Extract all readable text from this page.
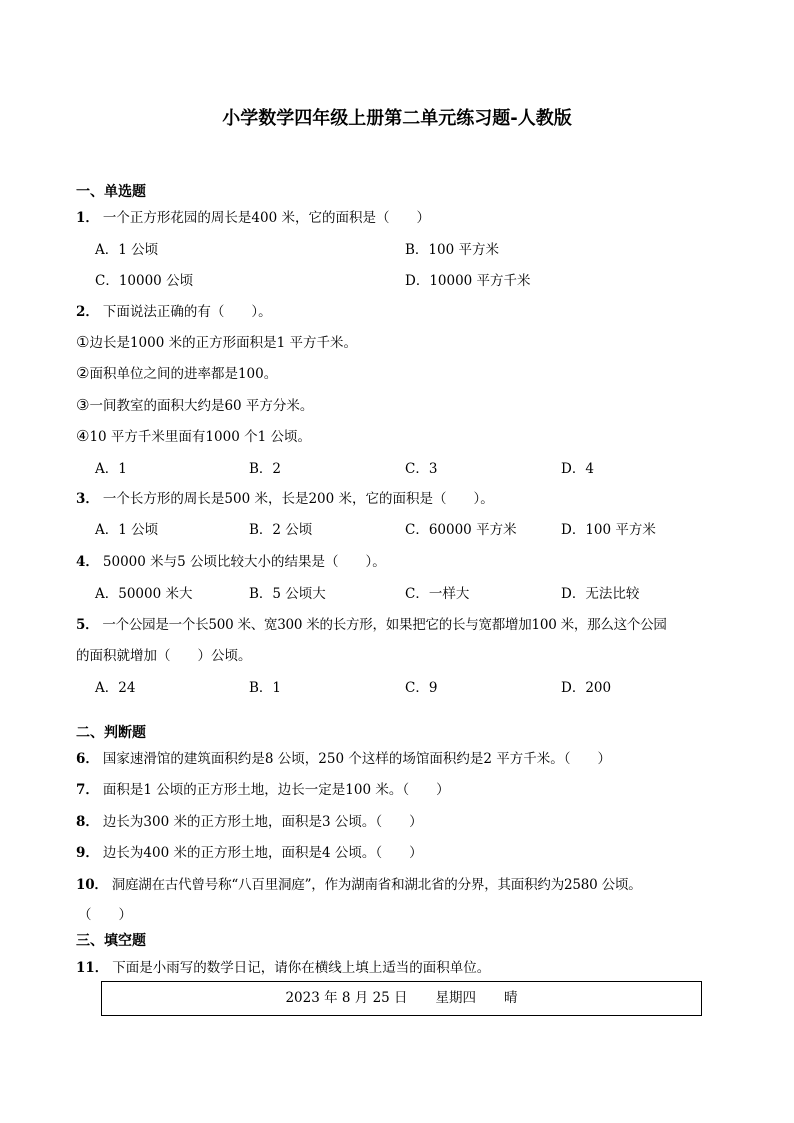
小学数学四年级上册第二单元练习题-人教版
一、单选题
1． 一个正方形花园的周长是400 米，它的面积是（　　）
A．1 公顷	B．100 平方米
C．10000 公顷	D．10000 平方千米
2． 下面说法正确的有（　　）。
①边长是1000 米的正方形面积是1 平方千米。
②面积单位之间的进率都是100。
③一间教室的面积大约是60 平方分米。
④10 平方千米里面有1000 个1 公顷。
A．1	B．2	C．3	D．4
3． 一个长方形的周长是500 米，长是200 米，它的面积是（　　）。
A．1 公顷	B．2 公顷	C．60000 平方米	D．100 平方米
4． 50000 米与5 公顷比较大小的结果是（　　）。
A．50000 米大	B．5 公顷大	C．一样大	D．无法比较
5． 一个公园是一个长500 米、宽300 米的长方形，如果把它的长与宽都增加100 米，那么这个公园
的面积就增加（　　）公顷。
A．24	B．1	C．9	D．200
二、判断题
6． 国家速滑馆的建筑面积约是8 公顷，250 个这样的场馆面积约是2 平方千米。（　　）
7． 面积是1 公顷的正方形土地，边长一定是100 米。（　　）
8． 边长为300 米的正方形土地，面积是3 公顷。（　　）
9． 边长为400 米的正方形土地，面积是4 公顷。（　　）
10． 洞庭湖在古代曾号称“八百里洞庭”，作为湖南省和湖北省的分界，其面积约为2580 公顷。
（　　）
三、填空题
11． 下面是小雨写的数学日记，请你在横线上填上适当的面积单位。
2023 年 8 月 25 日 星期四 晴
